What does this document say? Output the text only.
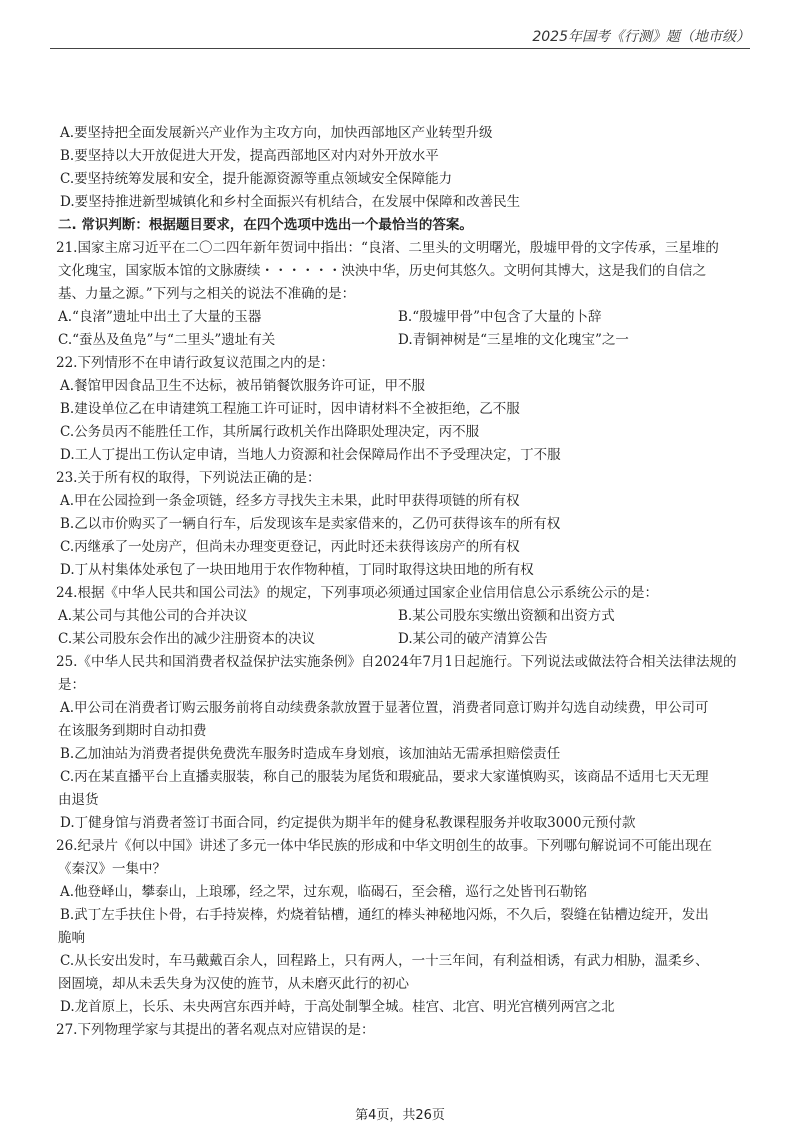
2025年国考《行测》题（地市级）
A.要坚持把全面发展新兴产业作为主攻方向，加快西部地区产业转型升级
B.要坚持以大开放促进大开发，提高西部地区对内对外开放水平
C.要坚持统筹发展和安全，提升能源资源等重点领域安全保障能力
D.要坚持推进新型城镇化和乡村全面振兴有机结合，在发展中保障和改善民生
二. 常识判断：根据题目要求，在四个选项中选出一个最恰当的答案。
21.国家主席习近平在二〇二四年新年贺词中指出：“良渚、二里头的文明曙光，殷墟甲骨的文字传承，三星堆的
文化瑰宝，国家版本馆的文脉赓续・・・・・・泱泱中华，历史何其悠久。文明何其博大，这是我们的自信之
基、力量之源。”下列与之相关的说法不准确的是：
A.“良渚”遗址中出土了大量的玉器	B.“殷墟甲骨”中包含了大量的卜辞
C.“蚕丛及鱼凫”与“二里头”遗址有关	D.青铜神树是“三星堆的文化瑰宝”之一
22.下列情形不在申请行政复议范围之内的是：
A.餐馆甲因食品卫生不达标，被吊销餐饮服务许可证，甲不服
B.建设单位乙在申请建筑工程施工许可证时，因申请材料不全被拒绝，乙不服
C.公务员丙不能胜任工作，其所属行政机关作出降职处理决定，丙不服
D.工人丁提出工伤认定申请，当地人力资源和社会保障局作出不予受理决定，丁不服
23.关于所有权的取得，下列说法正确的是：
A.甲在公园捡到一条金项链，经多方寻找失主未果，此时甲获得项链的所有权
B.乙以市价购买了一辆自行车，后发现该车是卖家借来的，乙仍可获得该车的所有权
C.丙继承了一处房产，但尚未办理变更登记，丙此时还未获得该房产的所有权
D.丁从村集体处承包了一块田地用于农作物种植，丁同时取得这块田地的所有权
24.根据《中华人民共和国公司法》的规定，下列事项必须通过国家企业信用信息公示系统公示的是：
A.某公司与其他公司的合并决议	B.某公司股东实缴出资额和出资方式
C.某公司股东会作出的减少注册资本的决议	D.某公司的破产清算公告
25.《中华人民共和国消费者权益保护法实施条例》自2024年7月1日起施行。下列说法或做法符合相关法律法规的
是：
A.甲公司在消费者订购云服务前将自动续费条款放置于显著位置，消费者同意订购并勾选自动续费，甲公司可
在该服务到期时自动扣费
B.乙加油站为消费者提供免费洗车服务时造成车身划痕，该加油站无需承担赔偿责任
C.丙在某直播平台上直播卖服装，称自己的服装为尾货和瑕疵品，要求大家谨慎购买，该商品不适用七天无理
由退货
D.丁健身馆与消费者签订书面合同，约定提供为期半年的健身私教课程服务并收取3000元预付款
26.纪录片《何以中国》讲述了多元一体中华民族的形成和中华文明创生的故事。下列哪句解说词不可能出现在
《秦汉》一集中？
A.他登峄山，攀泰山，上琅琊，经之罘，过东观，临碣石，至会稽，巡行之处皆刊石勒铭
B.武丁左手扶住卜骨，右手持炭棒，灼烧着钻槽，通红的棒头神秘地闪烁，不久后，裂缝在钻槽边绽开，发出
脆响
C.从长安出发时，车马戴戴百余人，回程路上，只有两人，一十三年间，有利益相诱，有武力相胁，温柔乡、
囹圄境，却从未丢失身为汉使的旌节，从未磨灭此行的初心
D.龙首原上，长乐、未央两宫东西并峙，于高处制掣全城。桂宫、北宫、明光宫横列两宫之北
27.下列物理学家与其提出的著名观点对应错误的是：
第4页，共26页
